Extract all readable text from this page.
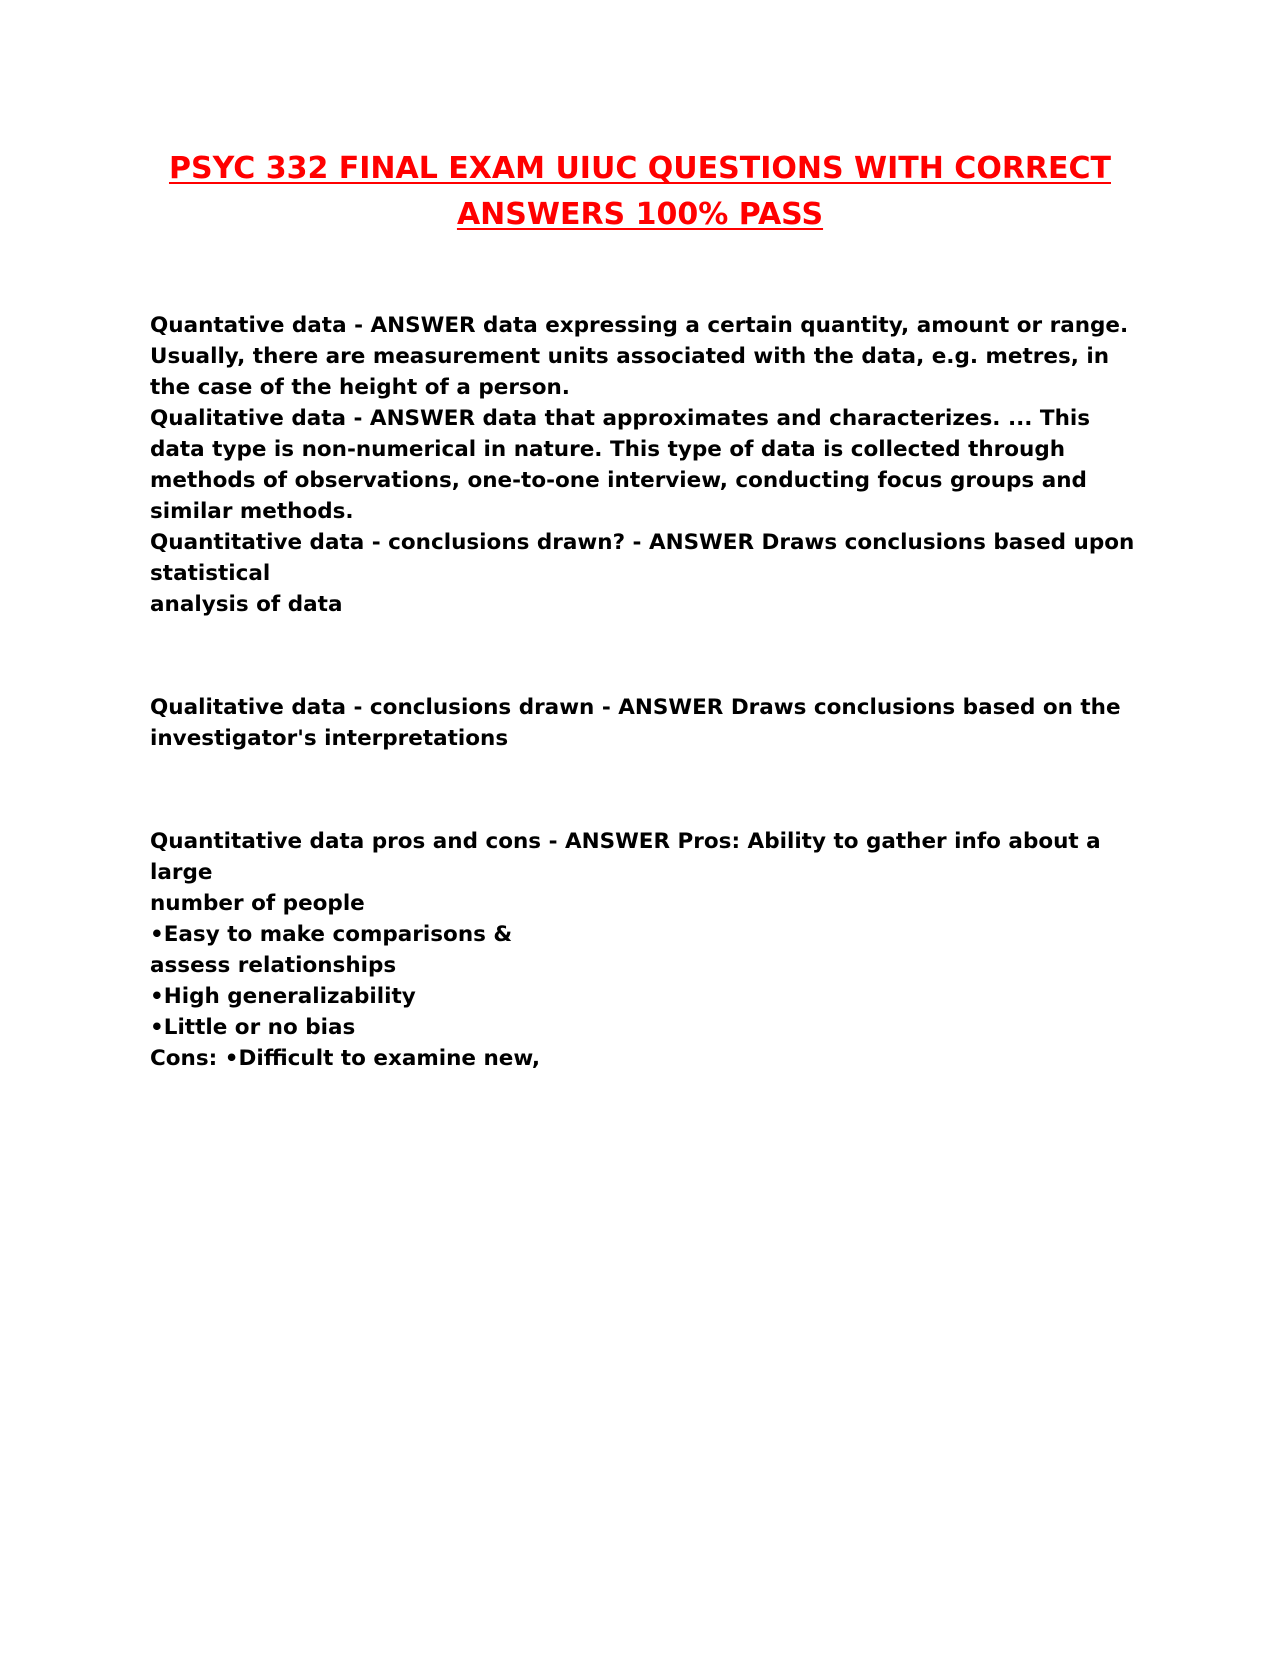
PSYC 332 FINAL EXAM UIUC QUESTIONS WITH CORRECT ANSWERS 100% PASS

Quantative data - ANSWER data expressing a certain quantity, amount or range. Usually, there are measurement units associated with the data, e.g. metres, in the case of the height of a person.

Qualitative data - ANSWER data that approximates and characterizes. ... This data type is non-numerical in nature. This type of data is collected through methods of observations, one-to-one interview, conducting focus groups and similar methods.

Quantitative data - conclusions drawn? - ANSWER Draws conclusions based upon statistical

analysis of data

Qualitative data - conclusions drawn - ANSWER Draws conclusions based on the

investigator's interpretations

Quantitative data pros and cons - ANSWER Pros: Ability to gather info about a large

number of people

•Easy to make comparisons &

assess relationships

•High generalizability

•Little or no bias

Cons: •Difficult to examine new,
